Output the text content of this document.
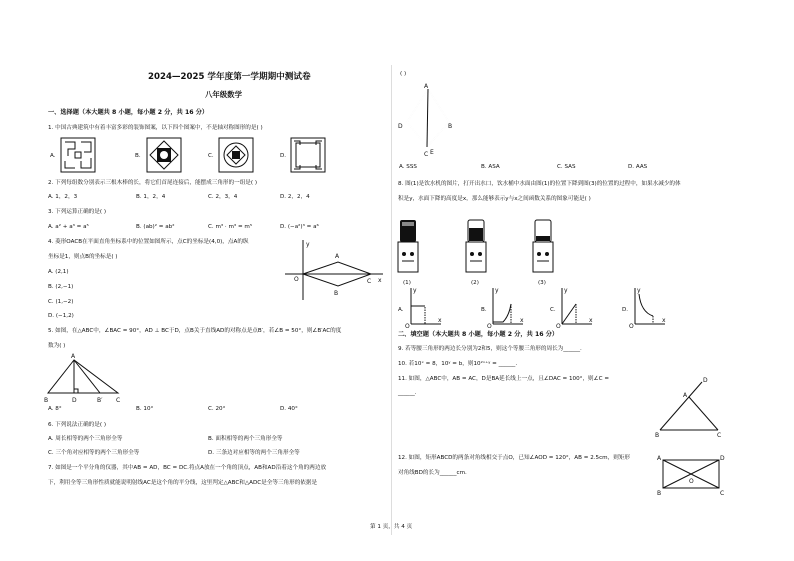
2024—2025 学年度第一学期期中测试卷
八年级数学
一、选择题（本大题共 8 小题，每小题 2 分，共 16 分）
1. 中国古典建筑中有着丰富多彩的装饰图案，以下四个图案中，不是轴对称图形的是( )
A.	B.	C.	D.
2. 下列每组数分别表示三根木棒的长，将它们首尾连接后，能摆成三角形的一组是( )
A. 1，2，3	B. 1，2，4	C. 2，3，4	D. 2，2，4
3. 下列运算正确的是( )
A. a² + a³ = a⁵	B. (ab)² = ab²	C. m³ · m³ = m⁵	D. (−a²)³ = a⁶
4. 菱形OACB在平面直角坐标系中的位置如图所示，点C的坐标是(4,0)，点A的纵
坐标是1，则点B的坐标是( )
A. (2,1)
B. (2,−1)
C. (1,−2)
D. (−1,2)
A
B
C
O	x
y
5. 如图，在△ABC中，∠BAC = 90°，AD ⊥ BC于D，点B关于直线AD的对称点是点B′，若∠B = 50°，则∠B′AC的度
数为( )
A
B	D	B′ C
A. 8°	B. 10°	C. 20°	D. 40°
6. 下列说法正确的是( )
A. 周长相等的两个三角形全等	B. 面积相等的两个三角形全等
C. 三个角对应相等的两个三角形全等	D. 三条边对应相等的两个三角形全等
7. 如图是一个平分角的仪器，其中AB = AD，BC = DC.将点A放在一个角的顶点，AB和AD沿着这个角的两边放
下，利用全等三角形性质就能说明射线AC是这个角的平分线，这里判定△ABC和△ADC是全等三角形的依据是
( )
A
B
C
D
E
A. SSS	B. ASA	C. SAS	D. AAS
8. 图(1)是饮水机的图片，打开出水口，饮水桶中水面由图(1)的位置下降到图(3)的位置的过程中，如果水减少的体
积是y，水面下降的高度是x，那么能够表示y与x之间函数关系的图象可能是( )
(1)	(2)	(3)
A.
y
x
O
B.
y
x
O
C.
y
x
O
D.
y
x
O
二、填空题（本大题共 8 小题，每小题 2 分，共 16 分）
9. 若等腰三角形的两边长分别为2和5，则这个等腰三角形的周长为______.
10. 若10ˣ = 8，10ʸ = b，则10²ˣ⁺ʸ = ______.
11. 如图，△ABC中，AB = AC，D是BA延长线上一点，且∠DAC = 100°，则∠C =
______.
D
A
B	C
12. 如图，矩形ABCD的两条对角线相交于点O，已知∠AOD = 120°，AB = 2.5cm，则矩形
对角线BD的长为______cm.
A	D
B	C
O
第 1 页，共 4 页
